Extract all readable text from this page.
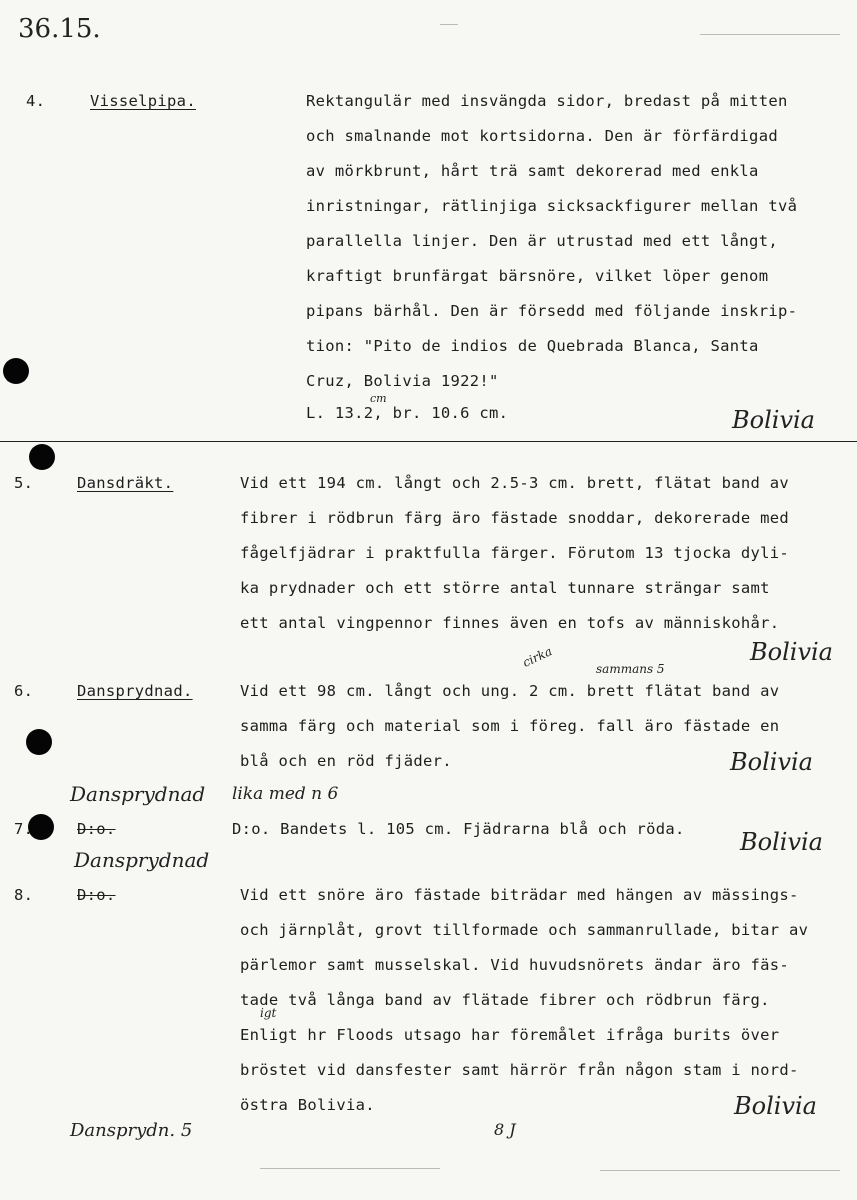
36.15.
4.	Visselpipa.	Rektangulär med insvängda sidor, bredast på mitten
och smalnande mot kortsidorna. Den är förfärdigad
av mörkbrunt, hårt trä samt dekorerad med enkla
inristningar, rätlinjiga sicksackfigurer mellan två
parallella linjer. Den är utrustad med ett långt,
kraftigt brunfärgat bärsnöre, vilket löper genom
pipans bärhål. Den är försedd med följande inskrip-
tion: "Pito de indios de Quebrada Blanca, Santa
Cruz, Bolivia 1922!"
L. 13.2, br. 10.6 cm.
cm
Bolivia
5.	Dansdräkt.	Vid ett 194 cm. långt och 2.5-3 cm. brett, flätat band av
fibrer i rödbrun färg äro fästade snoddar, dekorerade med
fågelfjädrar i praktfulla färger. Förutom 13 tjocka dyli-
ka prydnader och ett större antal tunnare strängar samt
ett antal vingpennor finnes även en tofs av människohår.
Bolivia
6.	Dansprydnad.
cirka	sammans 5
Vid ett 98 cm. långt och ung. 2 cm. brett flätat band av
samma färg och material som i föreg. fall äro fästade en
blå och en röd fjäder.	Bolivia
Dansprydnad lika med n 6
7.	D:o.	D:o. Bandets l. 105 cm. Fjädrarna blå och röda. Bolivia
Dansprydnad
8.	D:o.	Vid ett snöre äro fästade biträdar med hängen av mässings-
och järnplåt, grovt tillformade och sammanrullade, bitar av
pärlemor samt musselskal. Vid huvudsnörets ändar äro fäs-
tade två långa band av flätade fibrer och rödbrun färg.
Enligt hr Floods utsago har föremålet ifråga burits över
bröstet vid dansfester samt härrör från någon stam i nord-
östra Bolivia.
igt
Bolivia
Dansprydn. 5	8 J
